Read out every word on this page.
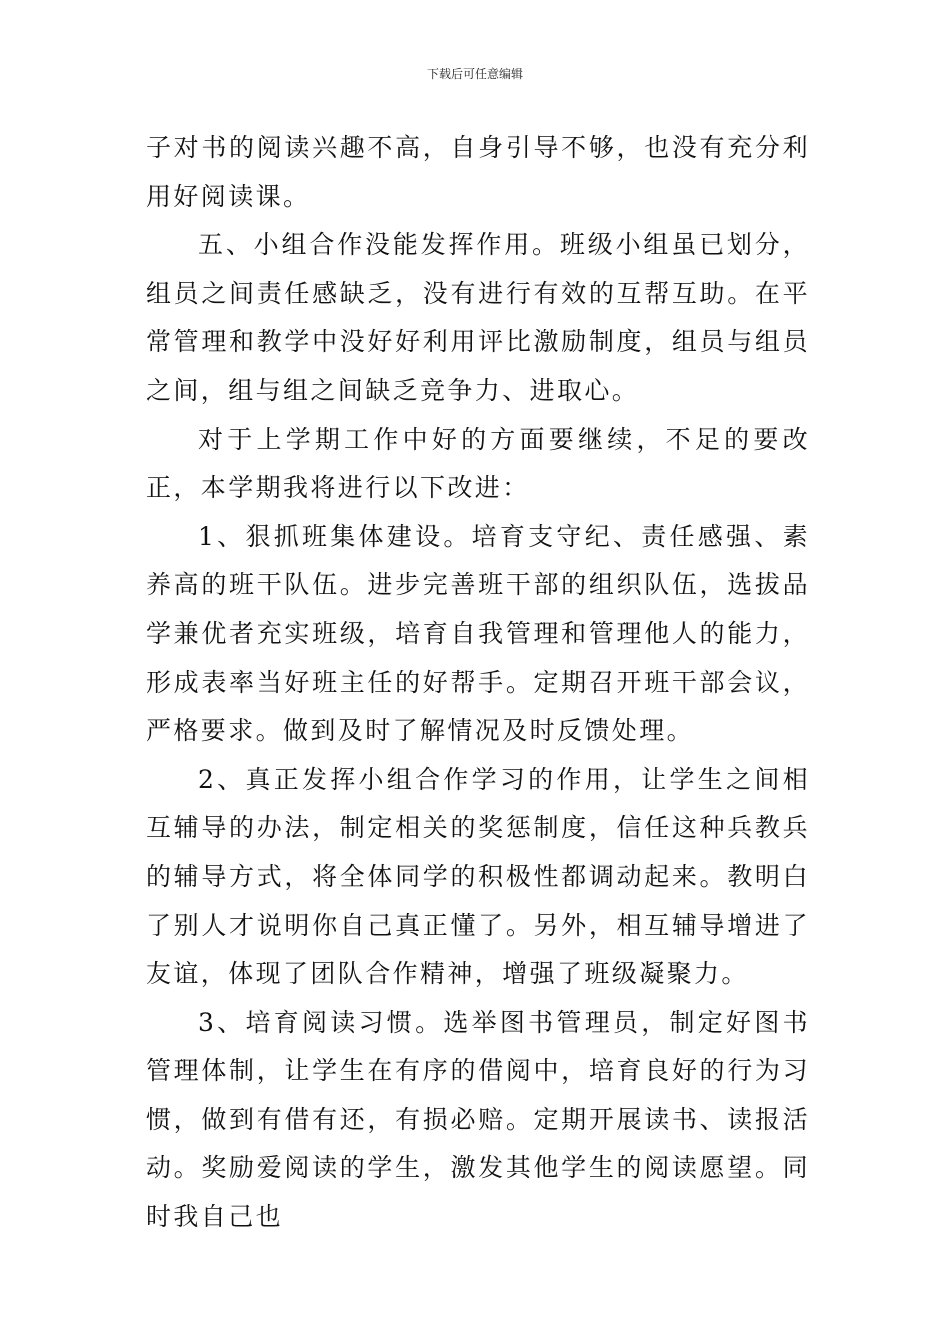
下载后可任意编辑

子对书的阅读兴趣不高，自身引导不够，也没有充分利用好阅读课。

五、小组合作没能发挥作用。班级小组虽已划分，组员之间责任感缺乏，没有进行有效的互帮互助。在平常管理和教学中没好好利用评比激励制度，组员与组员之间，组与组之间缺乏竞争力、进取心。

对于上学期工作中好的方面要继续，不足的要改正，本学期我将进行以下改进：

1、狠抓班集体建设。培育支守纪、责任感强、素养高的班干队伍。进步完善班干部的组织队伍，选拔品学兼优者充实班级，培育自我管理和管理他人的能力，形成表率当好班主任的好帮手。定期召开班干部会议，严格要求。做到及时了解情况及时反馈处理。

2、真正发挥小组合作学习的作用，让学生之间相互辅导的办法，制定相关的奖惩制度，信任这种兵教兵的辅导方式，将全体同学的积极性都调动起来。教明白了别人才说明你自己真正懂了。另外，相互辅导增进了友谊，体现了团队合作精神，增强了班级凝聚力。

3、培育阅读习惯。选举图书管理员，制定好图书管理体制，让学生在有序的借阅中，培育良好的行为习惯，做到有借有还，有损必赔。定期开展读书、读报活动。奖励爱阅读的学生，激发其他学生的阅读愿望。同时我自己也
